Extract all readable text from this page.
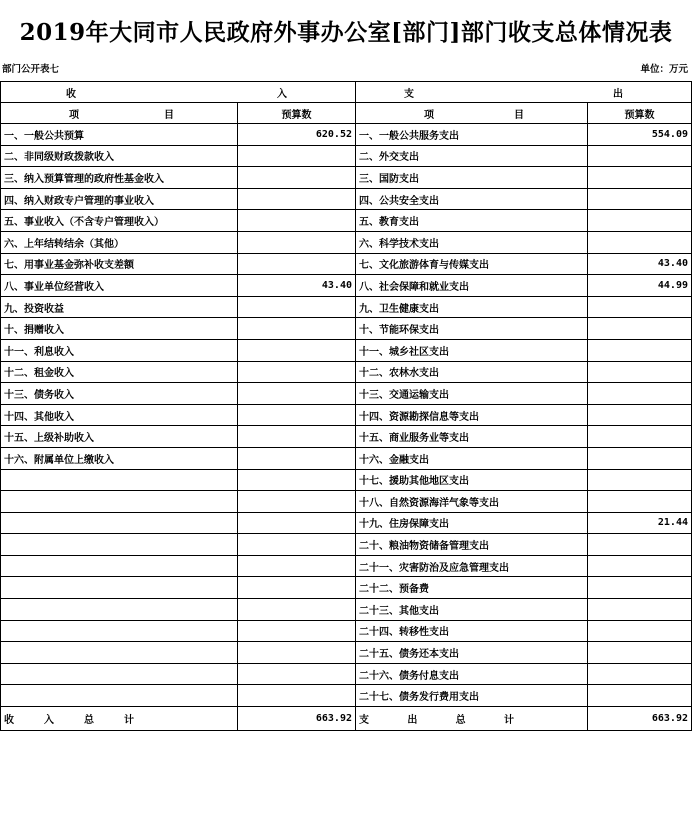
2019年大同市人民政府外事办公室[部门]部门收支总体情况表
部门公开表七	单位：万元
收 入		支 出	

项 目	预算数	项 目	预算数
一、一般公共预算	620.52	一、一般公共服务支出	554.09
二、非同级财政拨款收入		二、外交支出	
三、纳入预算管理的政府性基金收入		三、国防支出	
四、纳入财政专户管理的事业收入		四、公共安全支出	
五、事业收入（不含专户管理收入）		五、教育支出	
六、上年结转结余（其他）		六、科学技术支出	
七、用事业基金弥补收支差额		七、文化旅游体育与传媒支出	43.40
八、事业单位经营收入	43.40	八、社会保障和就业支出	44.99
九、投资收益		九、卫生健康支出	
十、捐赠收入		十、节能环保支出	
十一、利息收入		十一、城乡社区支出	
十二、租金收入		十二、农林水支出	
十三、债务收入		十三、交通运输支出	
十四、其他收入		十四、资源勘探信息等支出	
十五、上级补助收入		十五、商业服务业等支出	
十六、附属单位上缴收入		十六、金融支出	
		十七、援助其他地区支出	
		十八、自然资源海洋气象等支出	
		十九、住房保障支出	21.44
		二十、粮油物资储备管理支出	
		二十一、灾害防治及应急管理支出	
		二十二、预备费	
		二十三、其他支出	
		二十四、转移性支出	
		二十五、债务还本支出	
		二十六、债务付息支出	
		二十七、债务发行费用支出	

收 入 总 计	663.92	支 出 总 计	663.92
